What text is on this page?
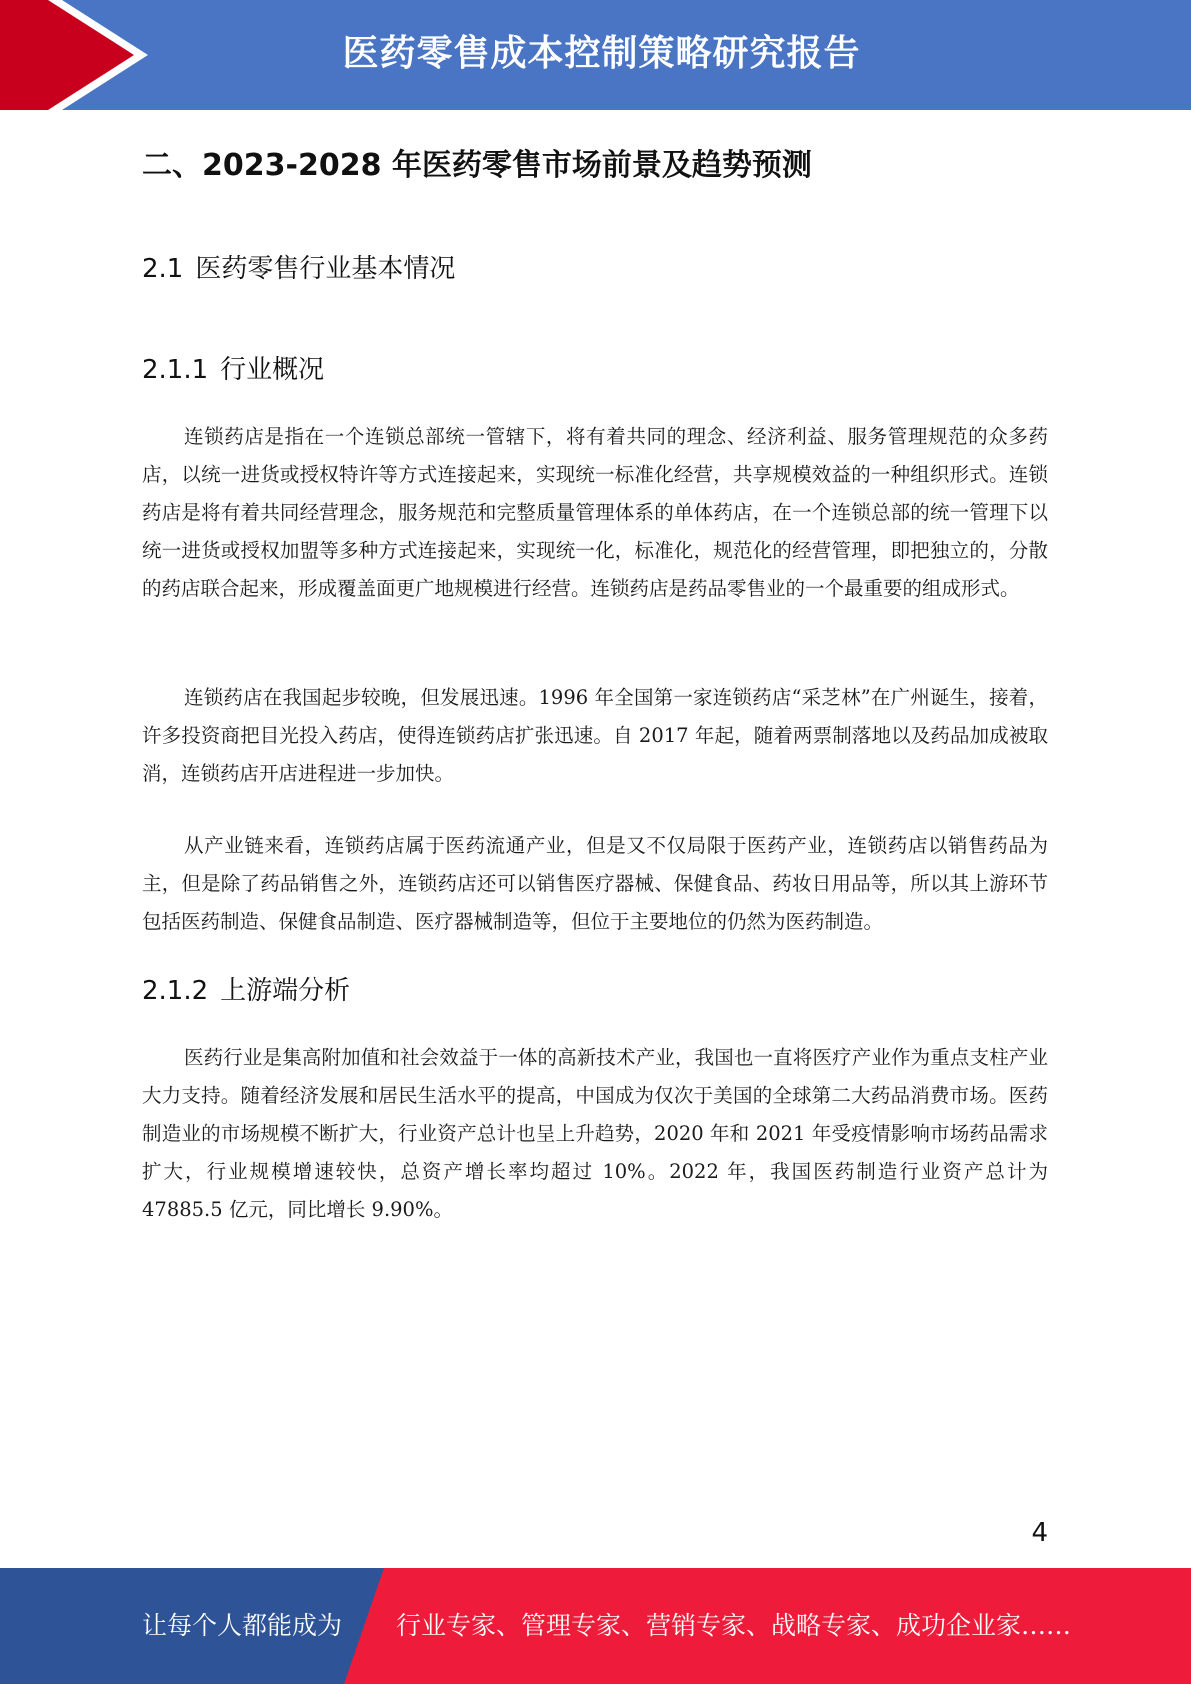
医药零售成本控制策略研究报告
二、2023-2028 年医药零售市场前景及趋势预测
2.1 医药零售行业基本情况
2.1.1 行业概况

连锁药店是指在一个连锁总部统一管辖下，将有着共同的理念、经济利益、服务管理规范的众多药店，以统一进货或授权特许等方式连接起来，实现统一标准化经营，共享规模效益的一种组织形式。连锁药店是将有着共同经营理念，服务规范和完整质量管理体系的单体药店，在一个连锁总部的统一管理下以统一进货或授权加盟等多种方式连接起来，实现统一化，标准化，规范化的经营管理，即把独立的，分散的药店联合起来，形成覆盖面更广地规模进行经营。连锁药店是药品零售业的一个最重要的组成形式。

连锁药店在我国起步较晚，但发展迅速。1996 年全国第一家连锁药店“采芝林”在广州诞生，接着，许多投资商把目光投入药店，使得连锁药店扩张迅速。自 2017 年起，随着两票制落地以及药品加成被取消，连锁药店开店进程进一步加快。

从产业链来看，连锁药店属于医药流通产业，但是又不仅局限于医药产业，连锁药店以销售药品为主，但是除了药品销售之外，连锁药店还可以销售医疗器械、保健食品、药妆日用品等，所以其上游环节包括医药制造、保健食品制造、医疗器械制造等，但位于主要地位的仍然为医药制造。

2.1.2 上游端分析

医药行业是集高附加值和社会效益于一体的高新技术产业，我国也一直将医疗产业作为重点支柱产业大力支持。随着经济发展和居民生活水平的提高，中国成为仅次于美国的全球第二大药品消费市场。医药制造业的市场规模不断扩大，行业资产总计也呈上升趋势，2020 年和 2021 年受疫情影响市场药品需求扩大，行业规模增速较快，总资产增长率均超过 10%。2022 年，我国医药制造行业资产总计为 47885.5 亿元，同比增长 9.90%。

4
让每个人都能成为 行业专家、管理专家、营销专家、战略专家、成功企业家……
